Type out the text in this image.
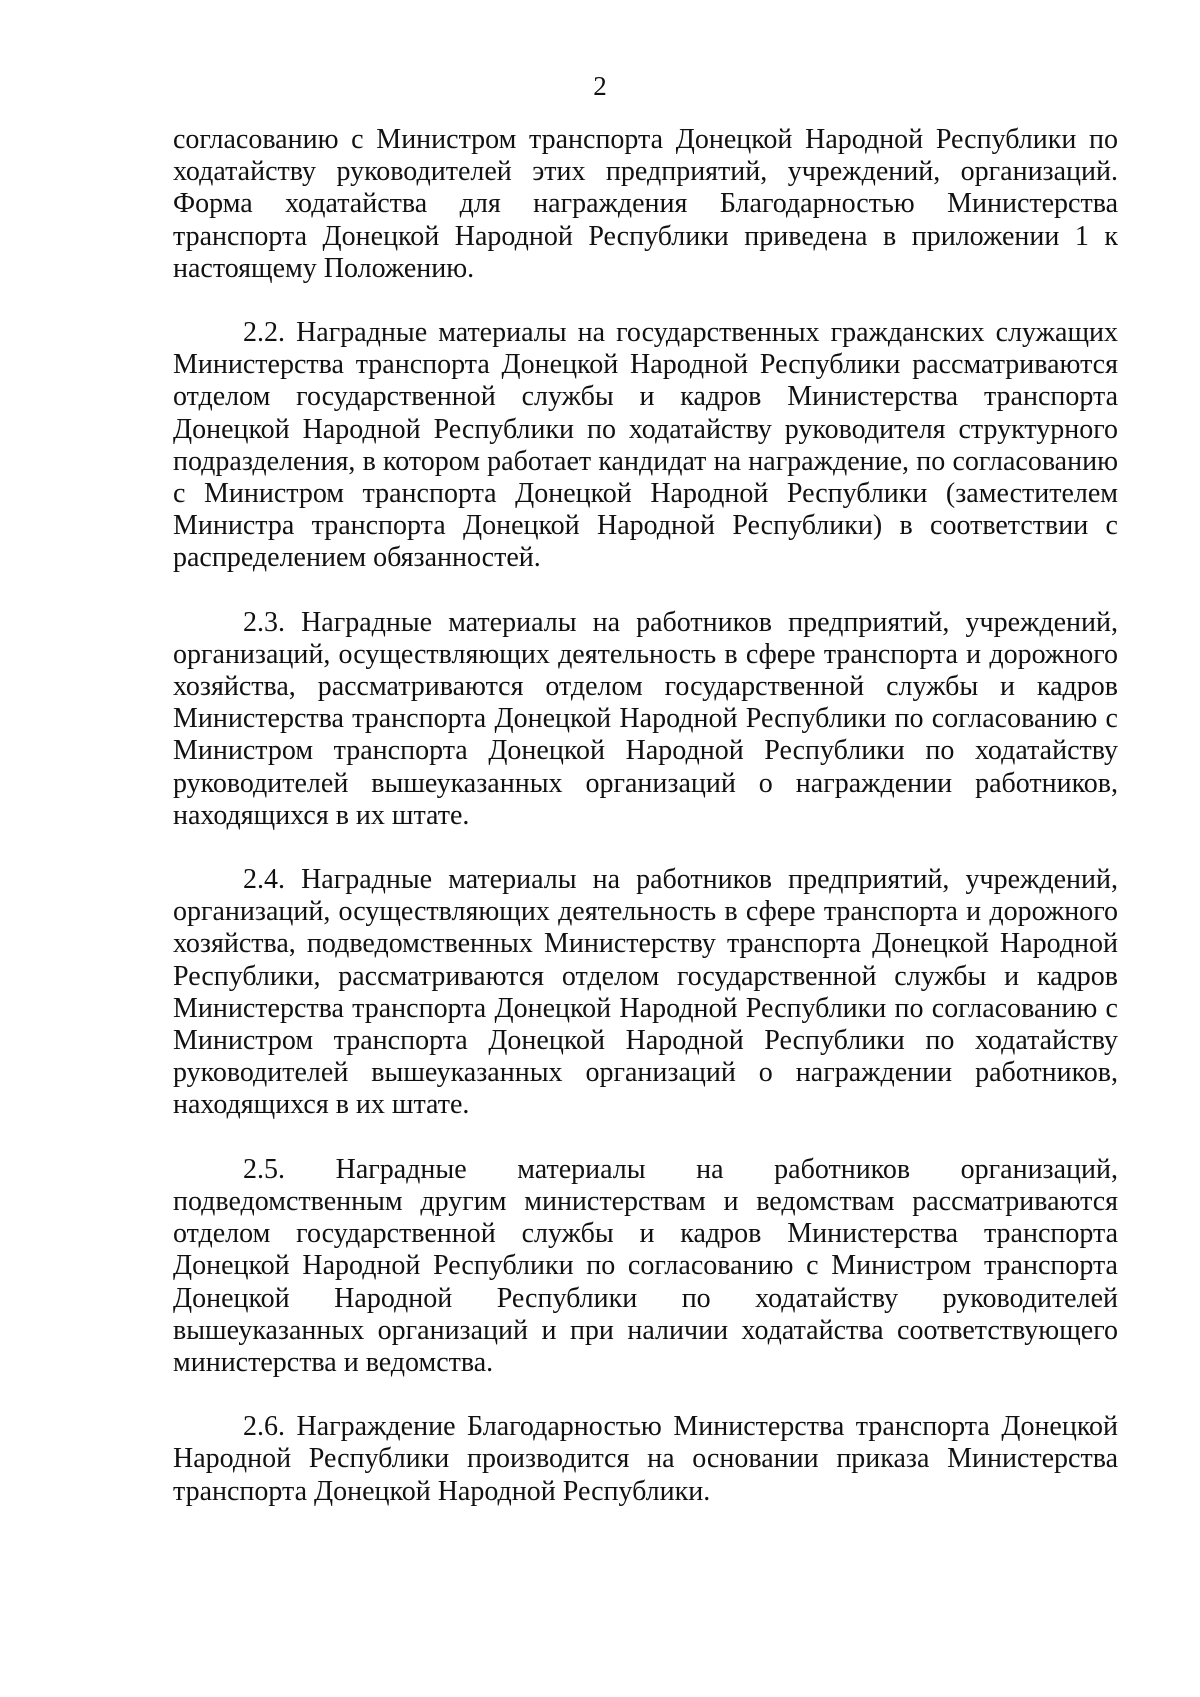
2

согласованию с Министром транспорта Донецкой Народной Республики по ходатайству руководителей этих предприятий, учреждений, организаций. Форма ходатайства для награждения Благодарностью Министерства транспорта Донецкой Народной Республики приведена в приложении 1 к настоящему Положению.

2.2. Наградные материалы на государственных гражданских служащих Министерства транспорта Донецкой Народной Республики рассматриваются отделом государственной службы и кадров Министерства транспорта Донецкой Народной Республики по ходатайству руководителя структурного подразделения, в котором работает кандидат на награждение, по согласованию с Министром транспорта Донецкой Народной Республики (заместителем Министра транспорта Донецкой Народной Республики) в соответствии с распределением обязанностей.

2.3. Наградные материалы на работников предприятий, учреждений, организаций, осуществляющих деятельность в сфере транспорта и дорожного хозяйства, рассматриваются отделом государственной службы и кадров Министерства транспорта Донецкой Народной Республики по согласованию с Министром транспорта Донецкой Народной Республики по ходатайству руководителей вышеуказанных организаций о награждении работников, находящихся в их штате.

2.4. Наградные материалы на работников предприятий, учреждений, организаций, осуществляющих деятельность в сфере транспорта и дорожного хозяйства, подведомственных Министерству транспорта Донецкой Народной Республики, рассматриваются отделом государственной службы и кадров Министерства транспорта Донецкой Народной Республики по согласованию с Министром транспорта Донецкой Народной Республики по ходатайству руководителей вышеуказанных организаций о награждении работников, находящихся в их штате.

2.5. Наградные материалы на работников организаций, подведомственным другим министерствам и ведомствам рассматриваются отделом государственной службы и кадров Министерства транспорта Донецкой Народной Республики по согласованию с Министром транспорта Донецкой Народной Республики по ходатайству руководителей вышеуказанных организаций и при наличии ходатайства соответствующего министерства и ведомства.

2.6. Награждение Благодарностью Министерства транспорта Донецкой Народной Республики производится на основании приказа Министерства транспорта Донецкой Народной Республики.
